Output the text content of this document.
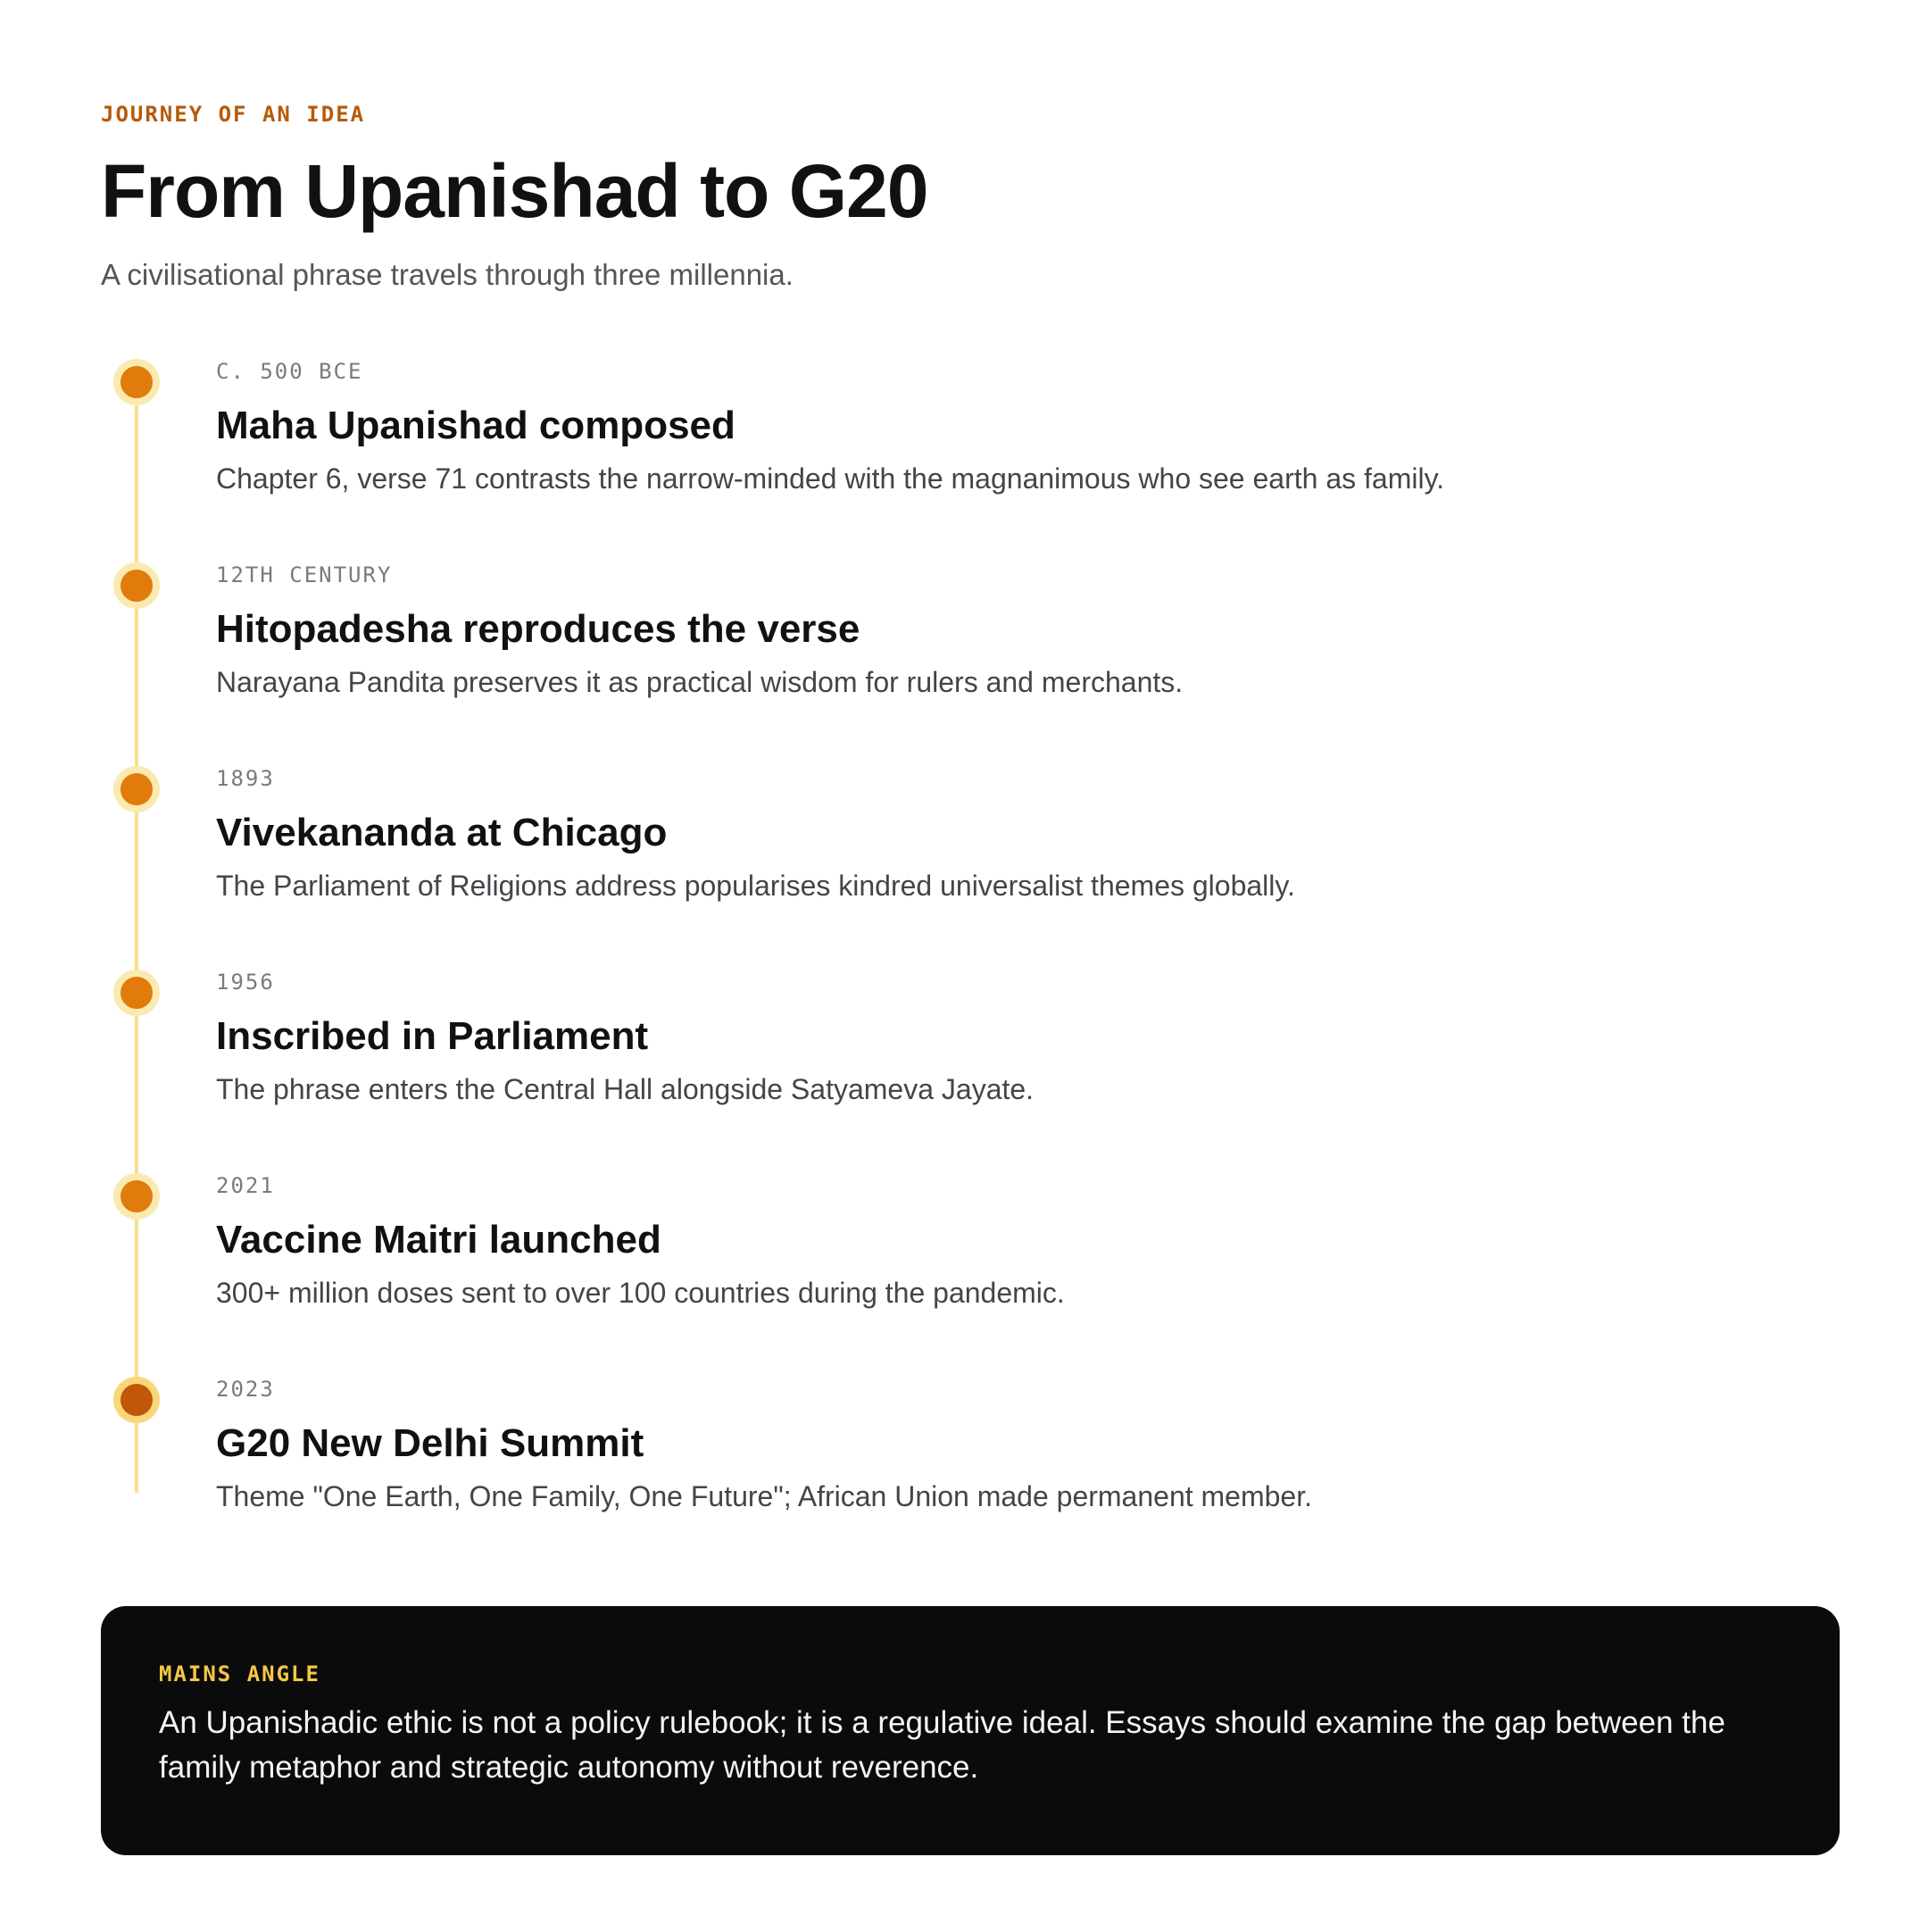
JOURNEY OF AN IDEA

From Upanishad to G20

A civilisational phrase travels through three millennia.

C. 500 BCE

Maha Upanishad composed

Chapter 6, verse 71 contrasts the narrow-minded with the magnanimous who see earth as family.

12TH CENTURY

Hitopadesha reproduces the verse

Narayana Pandita preserves it as practical wisdom for rulers and merchants.

1893

Vivekananda at Chicago

The Parliament of Religions address popularises kindred universalist themes globally.

1956

Inscribed in Parliament

The phrase enters the Central Hall alongside Satyameva Jayate.

2021

Vaccine Maitri launched

300+ million doses sent to over 100 countries during the pandemic.

2023

G20 New Delhi Summit

Theme "One Earth, One Family, One Future"; African Union made permanent member.

MAINS ANGLE

An Upanishadic ethic is not a policy rulebook; it is a regulative ideal. Essays should examine the gap between the family metaphor and strategic autonomy without reverence.
